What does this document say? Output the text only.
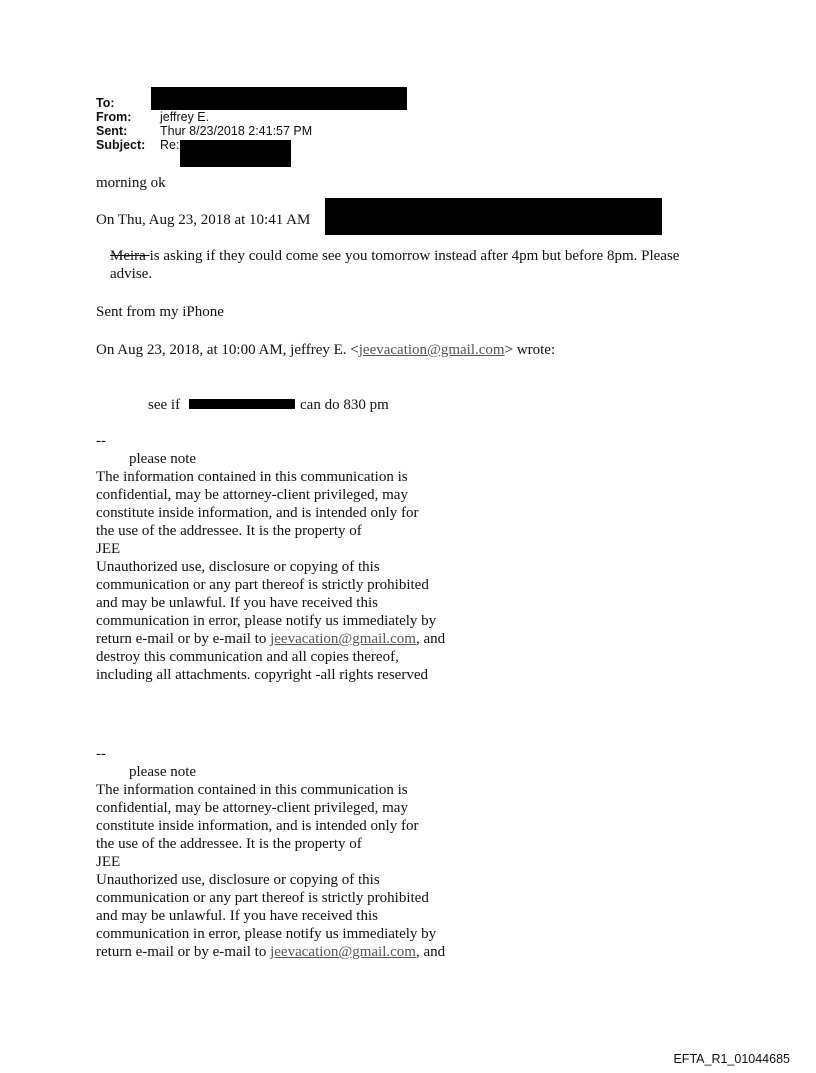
To:
From: jeffrey E.
Sent:	Thur 8/23/2018 2:41:57 PM
Subject: Re:
morning ok
On Thu, Aug 23, 2018 at 10:41 AM
Meira is asking if they could come see you tomorrow instead after 4pm but before 8pm. Please
advise.
Sent from my iPhone
On Aug 23, 2018, at 10:00 AM, jeffrey E. <jeevacation@gmail.com> wrote:
see if	can do 830 pm
--
please note
The information contained in this communication is
confidential, may be attorney-client privileged, may
constitute inside information, and is intended only for
the use of the addressee. It is the property of
JEE
Unauthorized use, disclosure or copying of this
communication or any part thereof is strictly prohibited
and may be unlawful. If you have received this
communication in error, please notify us immediately by
return e-mail or by e-mail to jeevacation@gmail.com, and
destroy this communication and all copies thereof,
including all attachments. copyright -all rights reserved
--
please note
The information contained in this communication is
confidential, may be attorney-client privileged, may
constitute inside information, and is intended only for
the use of the addressee. It is the property of
JEE
Unauthorized use, disclosure or copying of this
communication or any part thereof is strictly prohibited
and may be unlawful. If you have received this
communication in error, please notify us immediately by
return e-mail or by e-mail to jeevacation@gmail.com, and
EFTA_R1_01044685
